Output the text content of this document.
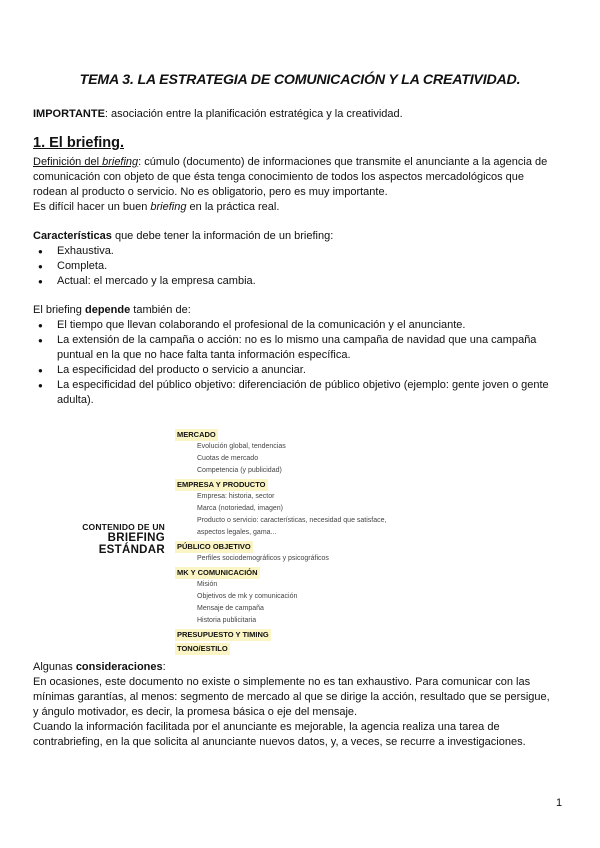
TEMA 3. LA ESTRATEGIA DE COMUNICACIÓN Y LA CREATIVIDAD.

IMPORTANTE: asociación entre la planificación estratégica y la creatividad.

1. El briefing.
Definición del briefing: cúmulo (documento) de informaciones que transmite el anunciante a la agencia de
comunicación con objeto de que ésta tenga conocimiento de todos los aspectos mercadológicos que
rodean al producto o servicio. No es obligatorio, pero es muy importante.
Es difícil hacer un buen briefing en la práctica real.

Características que debe tener la información de un briefing:

● Exhaustiva.
● Completa.
● Actual: el mercado y la empresa cambia.

El briefing depende también de:

● El tiempo que llevan colaborando el profesional de la comunicación y el anunciante.
● La extensión de la campaña o acción: no es lo mismo una campaña de navidad que una campaña
puntual en la que no hace falta tanta información específica.
● La especificidad del producto o servicio a anunciar.
● La especificidad del público objetivo: diferenciación de público objetivo (ejemplo: gente joven o gente
adulta).
CONTENIDO DE UN
BRIEFING ESTÁNDAR
MERCADO
Evolución global, tendencias
Cuotas de mercado
Competencia (y publicidad)
EMPRESA Y PRODUCTO
Empresa: historia, sector
Marca (notoriedad, imagen)
Producto o servicio: características, necesidad que satisface,
aspectos legales, gama...
PÚBLICO OBJETIVO
Perfiles sociodemográficos y psicográficos
MK Y COMUNICACIÓN
Misión
Objetivos de mk y comunicación
Mensaje de campaña
Historia publicitaria
PRESUPUESTO Y TIMING
TONO/ESTILO
Algunas consideraciones:
En ocasiones, este documento no existe o simplemente no es tan exhaustivo. Para comunicar con las
mínimas garantías, al menos: segmento de mercado al que se dirige la acción, resultado que se persigue,
y ángulo motivador, es decir, la promesa básica o eje del mensaje.
Cuando la información facilitada por el anunciante es mejorable, la agencia realiza una tarea de
contrabriefing, en la que solicita al anunciante nuevos datos, y, a veces, se recurre a investigaciones.
1
